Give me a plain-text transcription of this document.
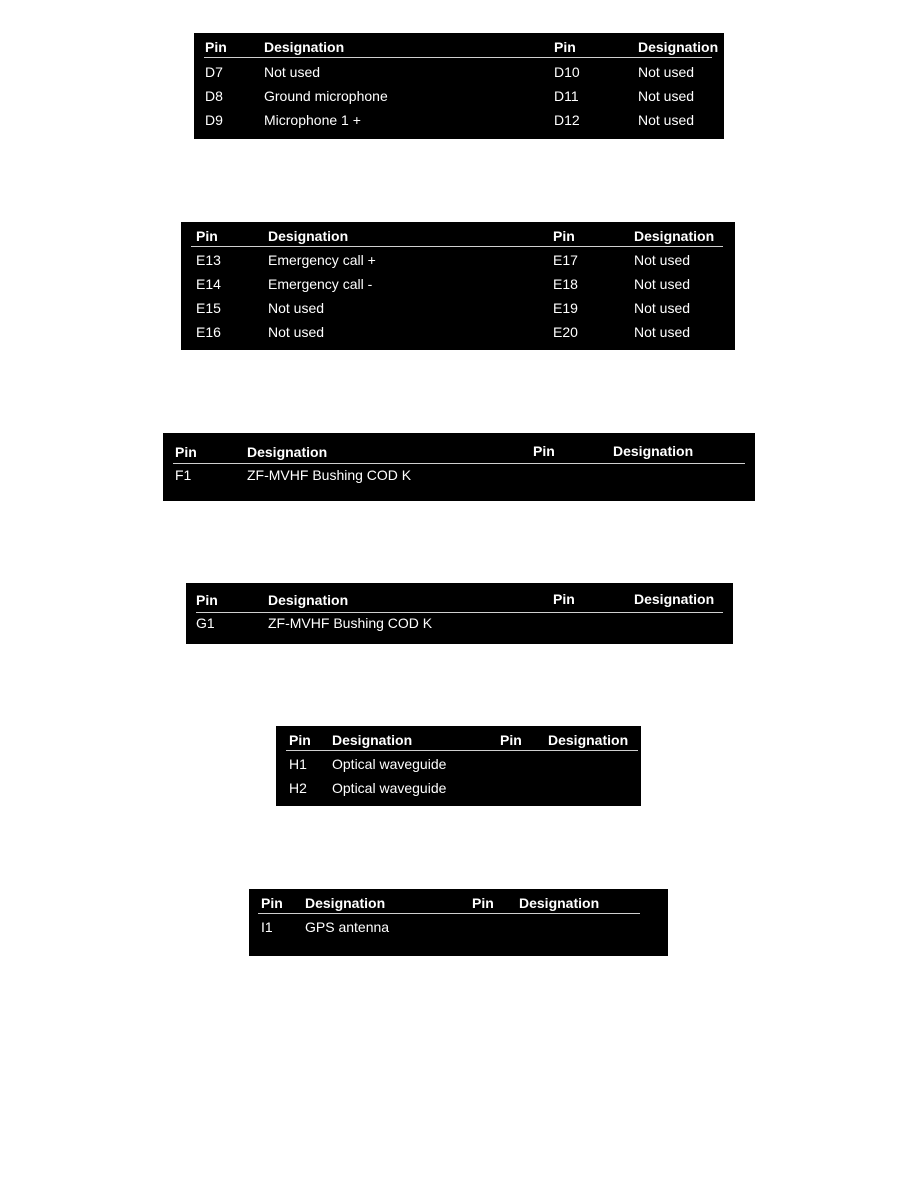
Pin	Designation	Pin	Designation
D7	Not used	D10	Not used
D8	Ground microphone	D11	Not used
D9	Microphone 1 +	D12	Not used
Pin	Designation	Pin	Designation
E13	Emergency call +	E17	Not used
E14	Emergency call -	E18	Not used
E15	Not used	E19	Not used
E16	Not used	E20	Not used
Pin	Designation	Pin	Designation
F1	ZF-MVHF Bushing COD K
Pin	Designation	Pin	Designation
G1	ZF-MVHF Bushing COD K
Pin Designation	Pin Designation
H1 Optical waveguide
H2 Optical waveguide
Pin Designation	Pin Designation
I1 GPS antenna
